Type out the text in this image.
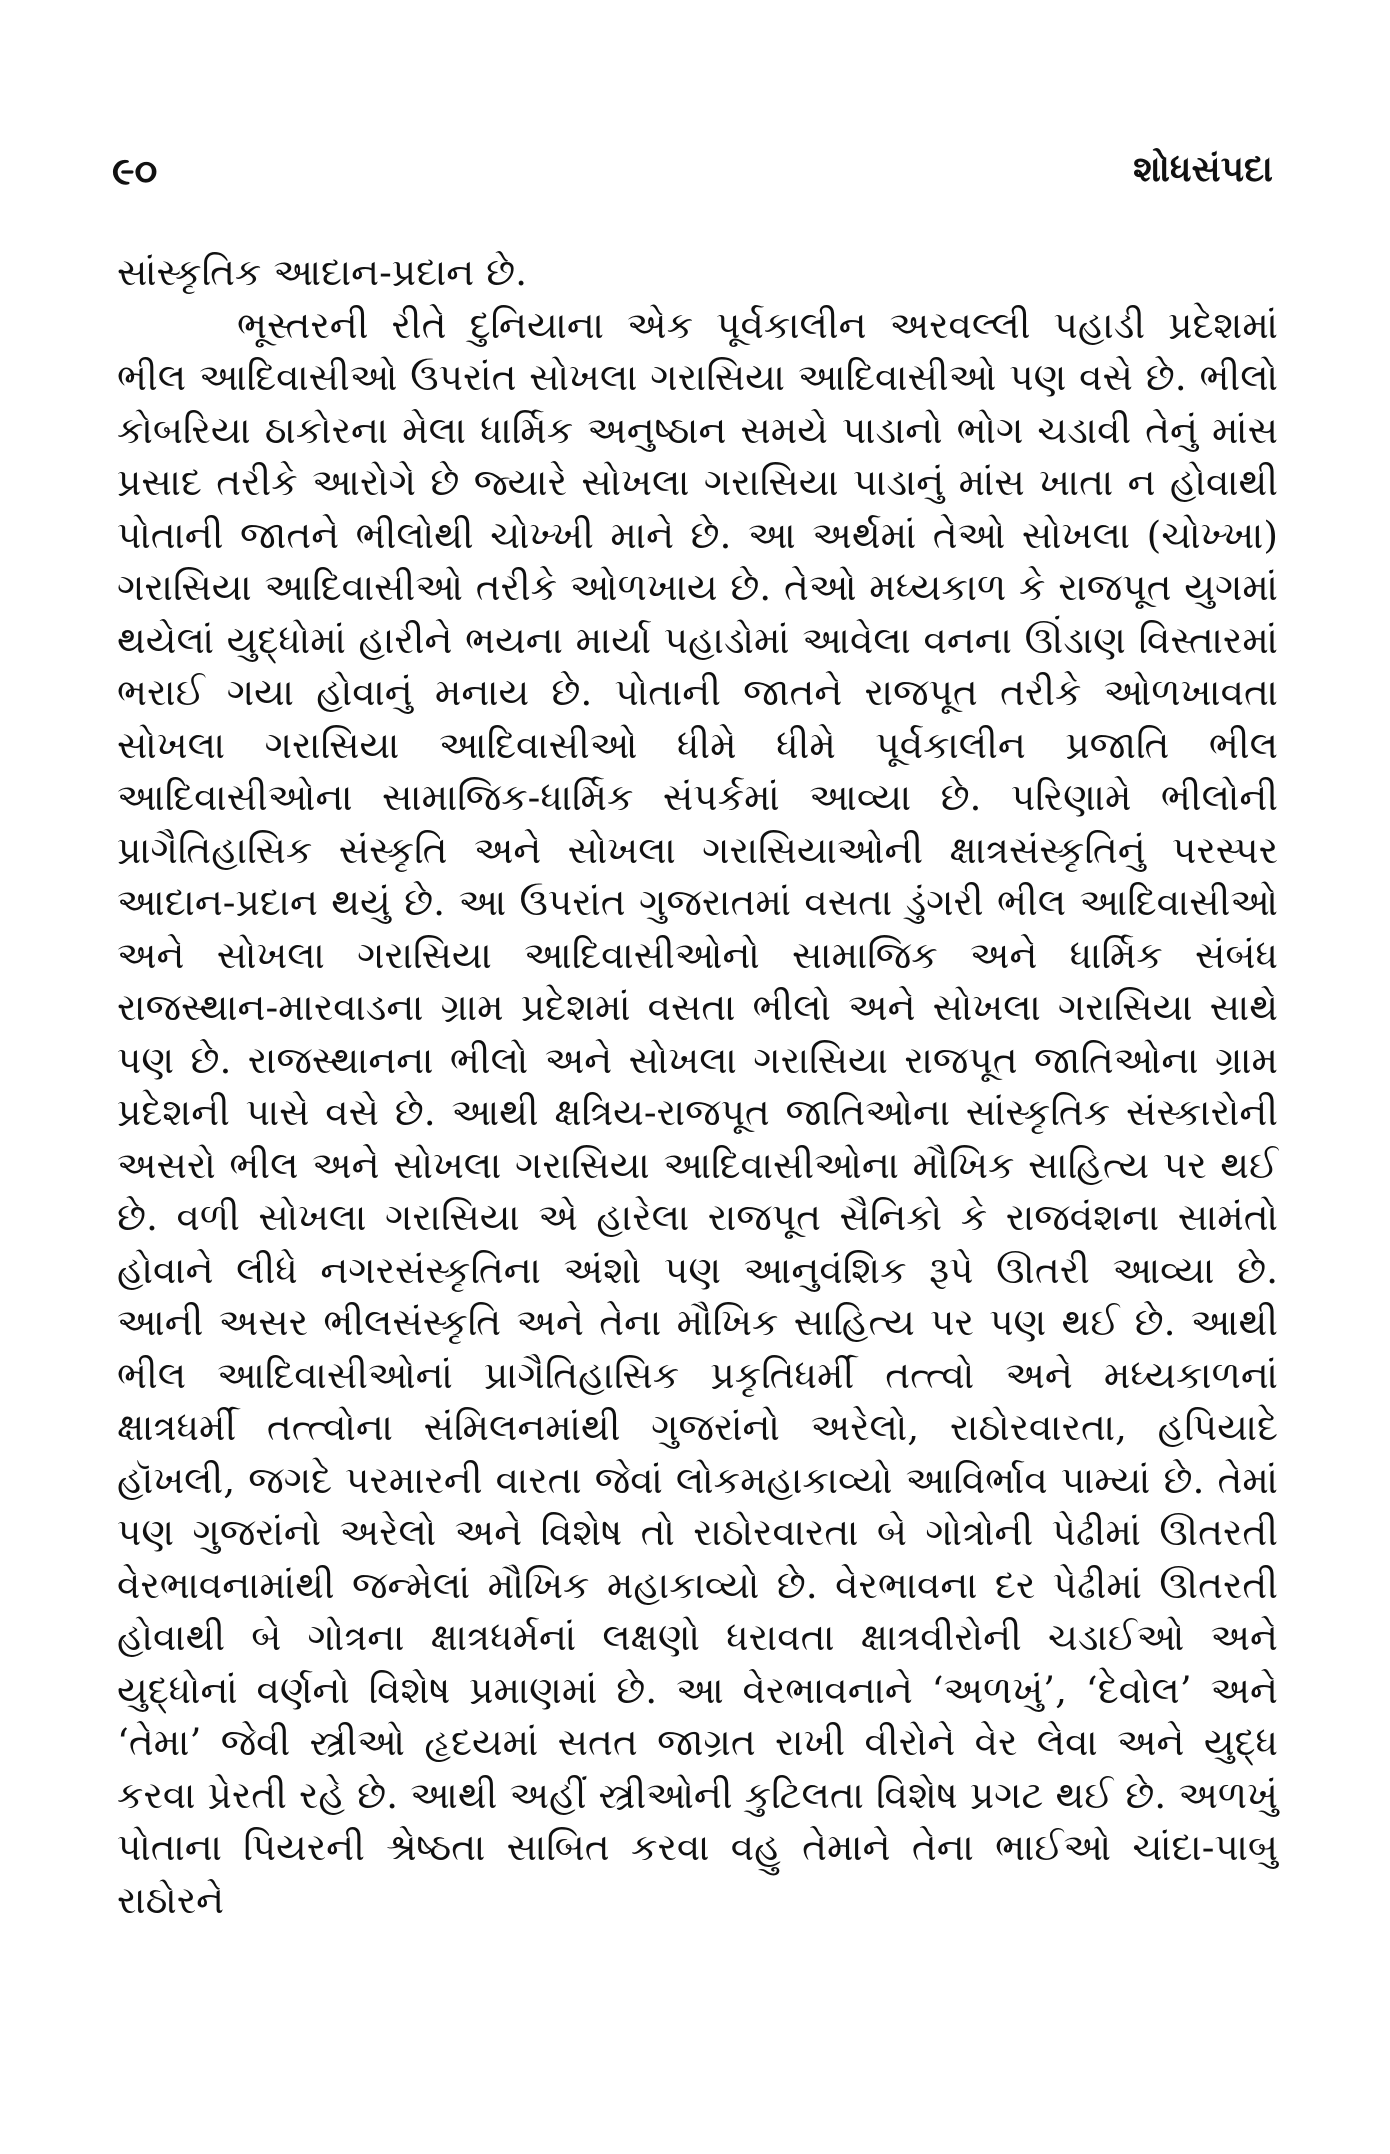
૯૦	શોધસંપદા

સાંસ્કૃતિક આદાન-પ્રદાન છે.

ભૂસ્તરની રીતે દુનિયાના એક પૂર્વકાલીન અરવલ્લી પહાડી પ્રદેશમાં ભીલ આદિવાસીઓ ઉપરાંત સોખલા ગરાસિયા આદિવાસીઓ પણ વસે છે. ભીલો કોબરિયા ઠાકોરના મેલા ધાર્મિક અનુષ્ઠાન સમયે પાડાનો ભોગ ચડાવી તેનું માંસ પ્રસાદ તરીકે આરોગે છે જ્યારે સોખલા ગરાસિયા પાડાનું માંસ ખાતા ન હોવાથી પોતાની જાતને ભીલોથી ચોખ્ખી માને છે. આ અર્થમાં તેઓ સોખલા (ચોખ્ખા) ગરાસિયા આદિવાસીઓ તરીકે ઓળખાય છે. તેઓ મધ્યકાળ કે રાજપૂત યુગમાં થયેલાં યુદ્ધોમાં હારીને ભયના માર્યા પહાડોમાં આવેલા વનના ઊંડાણ વિસ્તારમાં ભરાઈ ગયા હોવાનું મનાય છે. પોતાની જાતને રાજપૂત તરીકે ઓળખાવતા સોખલા ગરાસિયા આદિવાસીઓ ધીમે ધીમે પૂર્વકાલીન પ્રજાતિ ભીલ આદિવાસીઓના સામાજિક-ધાર્મિક સંપર્કમાં આવ્યા છે. પરિણામે ભીલોની પ્રાગૈતિહાસિક સંસ્કૃતિ અને સોખલા ગરાસિયાઓની ક્ષાત્રસંસ્કૃતિનું પરસ્પર આદાન-પ્રદાન થયું છે. આ ઉપરાંત ગુજરાતમાં વસતા ડુંગરી ભીલ આદિવાસીઓ અને સોખલા ગરાસિયા આદિવાસીઓનો સામાજિક અને ધાર્મિક સંબંધ રાજસ્થાન-મારવાડના ગ્રામ પ્રદેશમાં વસતા ભીલો અને સોખલા ગરાસિયા સાથે પણ છે. રાજસ્થાનના ભીલો અને સોખલા ગરાસિયા રાજપૂત જાતિઓના ગ્રામ પ્રદેશની પાસે વસે છે. આથી ક્ષત્રિય-રાજપૂત જાતિઓના સાંસ્કૃતિક સંસ્કારોની અસરો ભીલ અને સોખલા ગરાસિયા આદિવાસીઓના મૌખિક સાહિત્ય પર થઈ છે. વળી સોખલા ગરાસિયા એ હારેલા રાજપૂત સૈનિકો કે રાજવંશના સામંતો હોવાને લીધે નગરસંસ્કૃતિના અંશો પણ આનુવંશિક રૂપે ઊતરી આવ્યા છે. આની અસર ભીલસંસ્કૃતિ અને તેના મૌખિક સાહિત્ય પર પણ થઈ છે. આથી ભીલ આદિવાસીઓનાં પ્રાગૈતિહાસિક પ્રકૃતિધર્મી તત્ત્વો અને મધ્યકાળનાં ક્ષાત્રધર્મી તત્ત્વોના સંમિલનમાંથી ગુજરાંનો અરેલો, રાઠોરવારતા, હપિયાદે હૉખલી, જગદે પરમારની વારતા જેવાં લોકમહાકાવ્યો આવિર્ભાવ પામ્યાં છે. તેમાં પણ ગુજરાંનો અરેલો અને વિશેષ તો રાઠોરવારતા બે ગોત્રોની પેઢીમાં ઊતરતી વેરભાવનામાંથી જન્મેલાં મૌખિક મહાકાવ્યો છે. વેરભાવના દર પેઢીમાં ઊતરતી હોવાથી બે ગોત્રના ક્ષાત્રધર્મનાં લક્ષણો ધરાવતા ક્ષાત્રવીરોની ચડાઈઓ અને યુદ્ધોનાં વર્ણનો વિશેષ પ્રમાણમાં છે. આ વેરભાવનાને ‘અળખું’, ‘દેવોલ’ અને ‘તેમા’ જેવી સ્ત્રીઓ હૃદયમાં સતત જાગ્રત રાખી વીરોને વેર લેવા અને યુદ્ધ કરવા પ્રેરતી રહે છે. આથી અહીં સ્ત્રીઓની કુટિલતા વિશેષ પ્રગટ થઈ છે. અળખું પોતાના પિયરની શ્રેષ્ઠતા સાબિત કરવા વહુ તેમાને તેના ભાઈઓ ચાંદા-પાબુ રાઠોરને
